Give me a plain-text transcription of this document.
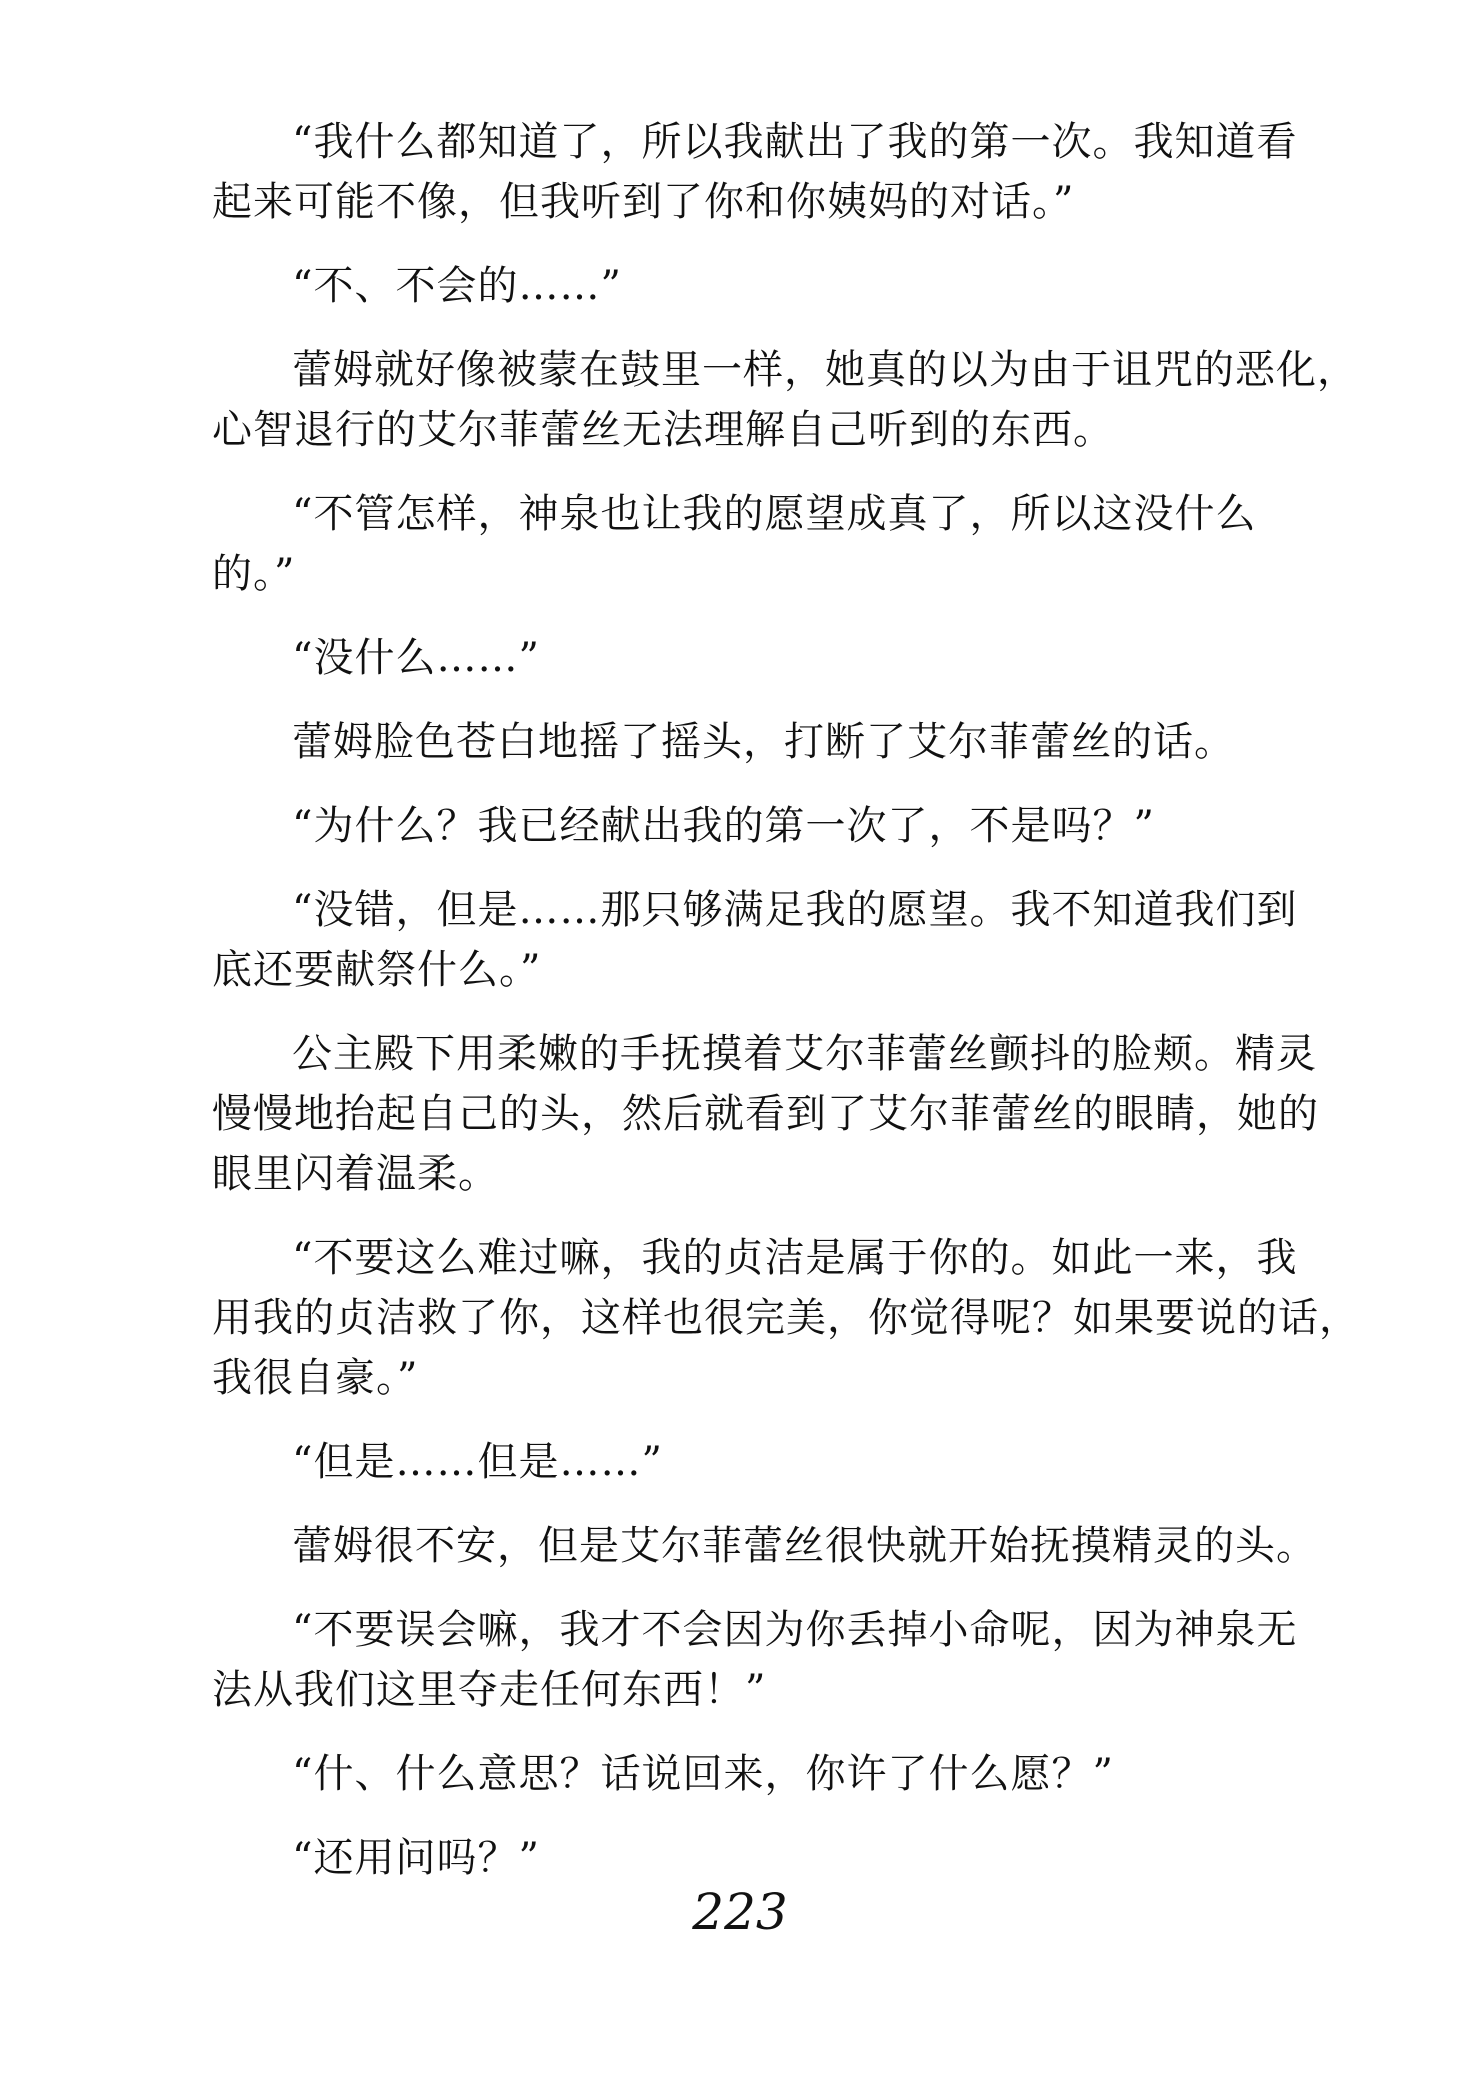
“我什么都知道了，所以我献出了我的第一次。我知道看
起来可能不像，但我听到了你和你姨妈的对话。”

“不、不会的……”

蕾姆就好像被蒙在鼓里一样，她真的以为由于诅咒的恶化，
心智退行的艾尔菲蕾丝无法理解自己听到的东西。

“不管怎样，神泉也让我的愿望成真了，所以这没什么
的。”

“没什么……”

蕾姆脸色苍白地摇了摇头，打断了艾尔菲蕾丝的话。

“为什么？我已经献出我的第一次了，不是吗？”

“没错，但是……那只够满足我的愿望。我不知道我们到
底还要献祭什么。”

公主殿下用柔嫩的手抚摸着艾尔菲蕾丝颤抖的脸颊。精灵
慢慢地抬起自己的头，然后就看到了艾尔菲蕾丝的眼睛，她的
眼里闪着温柔。

“不要这么难过嘛，我的贞洁是属于你的。如此一来，我
用我的贞洁救了你，这样也很完美，你觉得呢？如果要说的话，
我很自豪。”

“但是……但是……”

蕾姆很不安，但是艾尔菲蕾丝很快就开始抚摸精灵的头。

“不要误会嘛，我才不会因为你丢掉小命呢，因为神泉无
法从我们这里夺走任何东西！”

“什、什么意思？话说回来，你许了什么愿？”

“还用问吗？”

223
